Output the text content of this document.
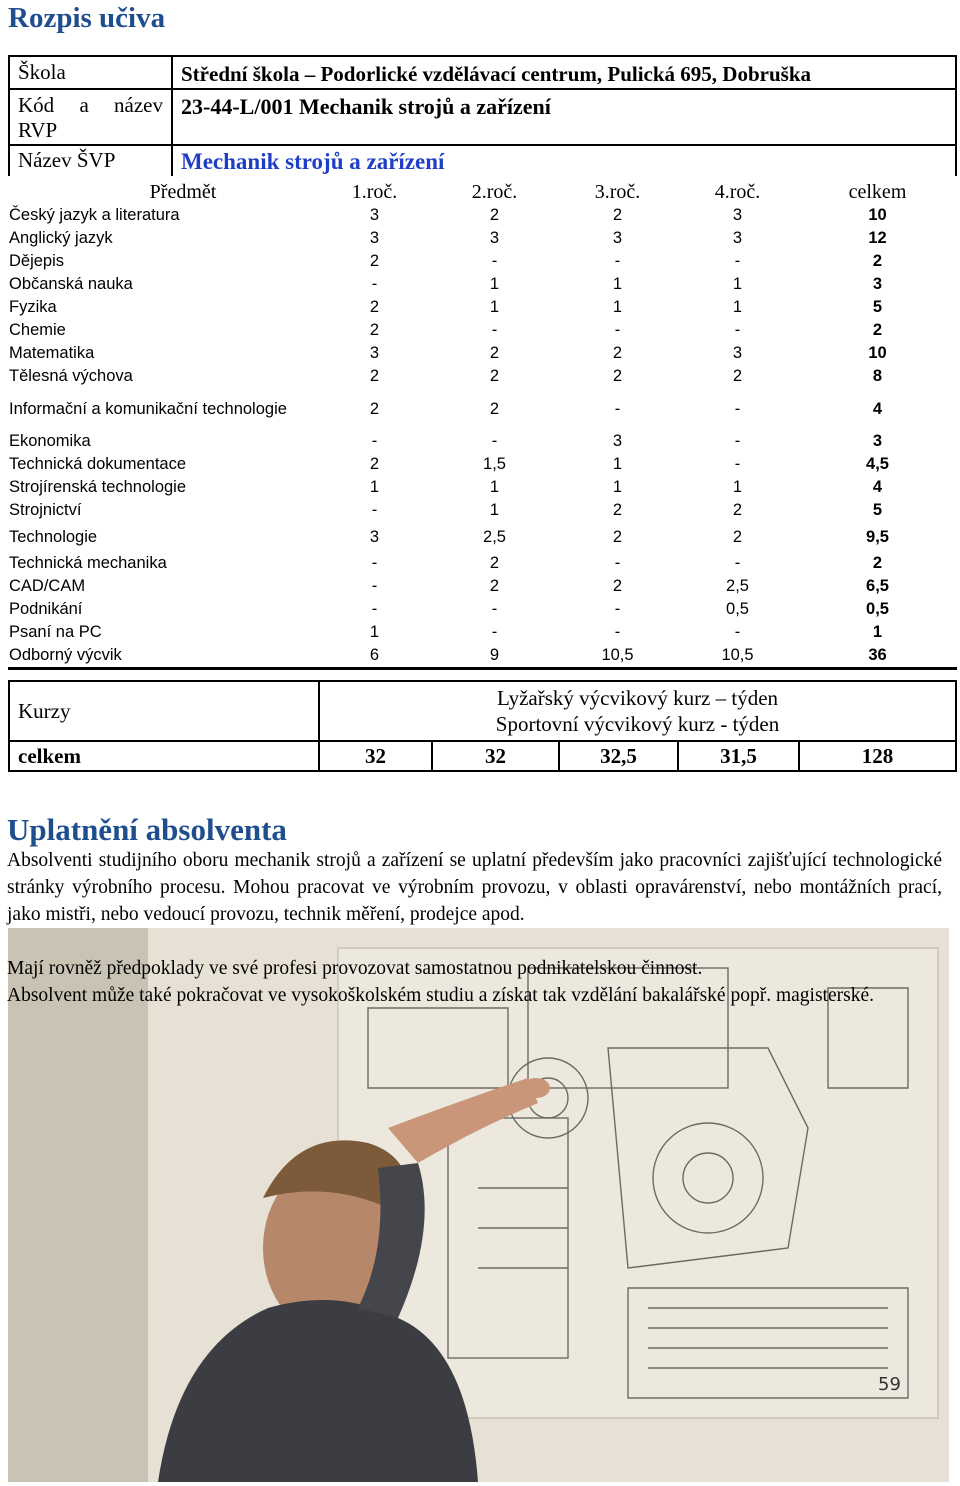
Rozpis učiva
Škola	Střední škola – Podorlické vzdělávací centrum, Pulická 695, Dobruška
Kód a název RVP	23-44-L/001 Mechanik strojů a zařízení
Název ŠVP	Mechanik strojů a zařízení
Předmět	1.roč.	2.roč.	3.roč.	4.roč.	celkem
Český jazyk a literatura	3	2	2	3	10
Anglický jazyk	3	3	3	3	12
Dějepis	2	-	-	-	2
Občanská nauka	-	1	1	1	3
Fyzika	2	1	1	1	5
Chemie	2	-	-	-	2
Matematika	3	2	2	3	10
Tělesná výchova	2	2	2	2	8
Informační a komunikační technologie	2	2	-	-	4
Ekonomika	-	-	3	-	3
Technická dokumentace	2	1,5	1	-	4,5
Strojírenská technologie	1	1	1	1	4
Strojnictví	-	1	2	2	5
Technologie	3	2,5	2	2	9,5
Technická mechanika	-	2	-	-	2
CAD/CAM	-	2	2	2,5	6,5
Podnikání	-	-	-	0,5	0,5
Psaní na PC	1	-	-	-	1
Odborný výcvik	6	9	10,5	10,5	36
Kurzy	Lyžařský výcvikový kurz – týden
Sportovní výcvikový kurz - týden				

celkem	32	32	32,5	31,5	128
Uplatnění absolventa
59
Absolventi studijního oboru mechanik strojů a zařízení se uplatní především jako pracovníci zajišťující technologické stránky výrobního procesu. Mohou pracovat ve výrobním provozu, v oblasti opravárenství, nebo montážních prací, jako mistři, nebo vedoucí provozu, technik měření, prodejce apod.
Mají rovněž předpoklady ve své profesi provozovat samostatnou podnikatelskou činnost.
Absolvent může také pokračovat ve vysokoškolském studiu a získat tak vzdělání bakalářské popř. magisterské.
